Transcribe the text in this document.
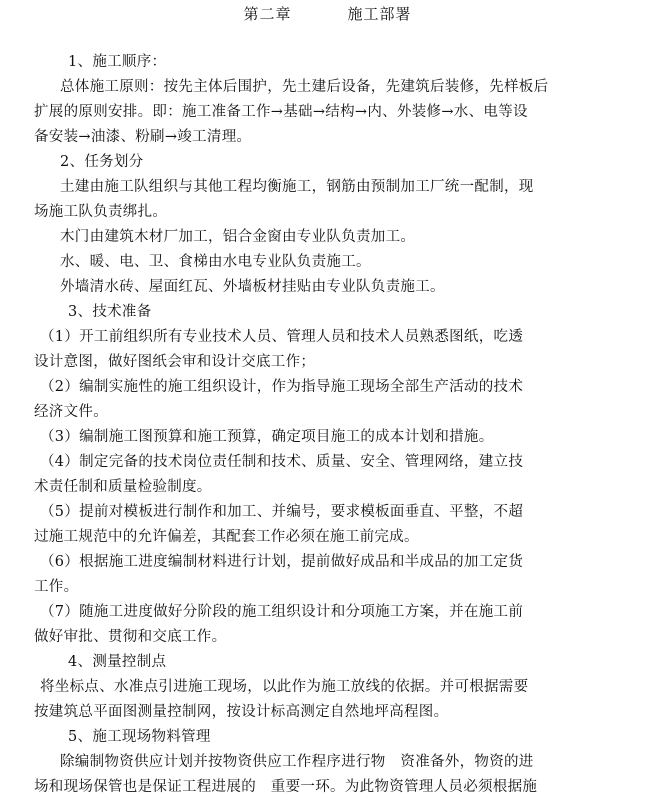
第二章	施工部署
1、施工顺序：
总体施工原则：按先主体后围护，先土建后设备，先建筑后装修，先样板后
扩展的原则安排。即：施工准备工作→基础→结构→内、外装修→水、电等设
备安装→油漆、粉刷→竣工清理。
2、任务划分
土建由施工队组织与其他工程均衡施工，钢筋由预制加工厂统一配制，现
场施工队负责绑扎。
木门由建筑木材厂加工，铝合金窗由专业队负责加工。
水、暖、电、卫、食梯由水电专业队负责施工。
外墙清水砖、屋面红瓦、外墙板材挂贴由专业队负责施工。
3、技术准备
（1）开工前组织所有专业技术人员、管理人员和技术人员熟悉图纸，吃透
设计意图，做好图纸会审和设计交底工作；
（2）编制实施性的施工组织设计，作为指导施工现场全部生产活动的技术
经济文件。
（3）编制施工图预算和施工预算，确定项目施工的成本计划和措施。
（4）制定完备的技术岗位责任制和技术、质量、安全、管理网络，建立技
术责任制和质量检验制度。
（5）提前对模板进行制作和加工、并编号，要求模板面垂直、平整，不超
过施工规范中的允许偏差，其配套工作必须在施工前完成。
（6）根据施工进度编制材料进行计划，提前做好成品和半成品的加工定货
工作。
（7）随施工进度做好分阶段的施工组织设计和分项施工方案，并在施工前
做好审批、贯彻和交底工作。
4、测量控制点
将坐标点、水准点引进施工现场，以此作为施工放线的依据。并可根据需要
按建筑总平面图测量控制网，按设计标高测定自然地坪高程图。
5、施工现场物料管理
除编制物资供应计划并按物资供应工作程序进行物　资准备外，物资的进
场和现场保管也是保证工程进展的　重要一环。为此物资管理人员必须根据施
